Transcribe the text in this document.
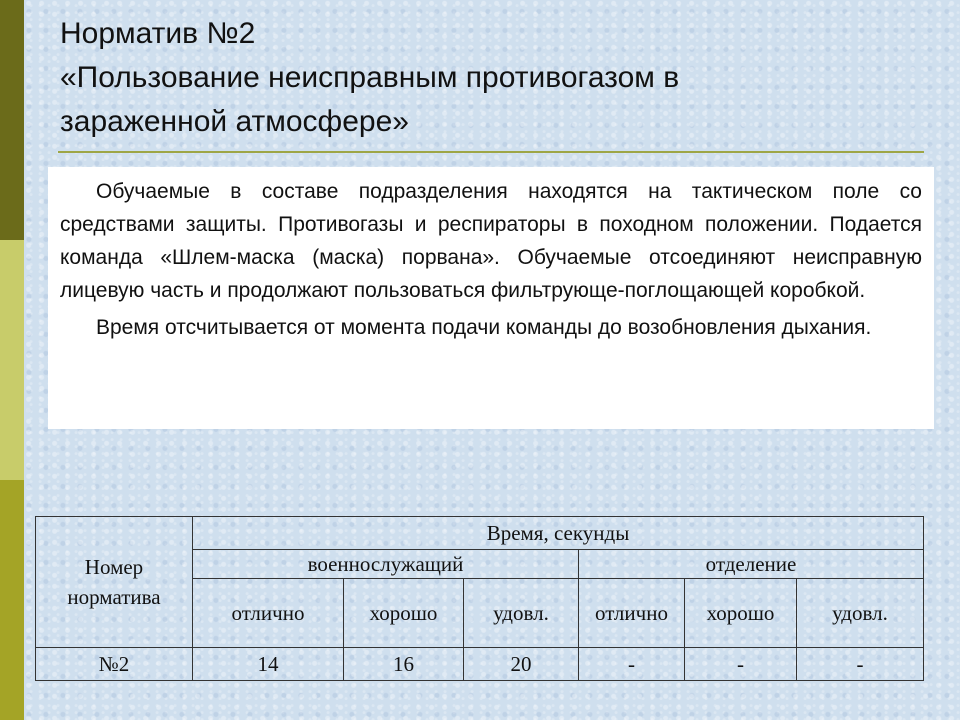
Норматив №2
«Пользование неисправным противогазом в
зараженной атмосфере»

Обучаемые в составе подразделения находятся на тактическом поле со средствами защиты. Противогазы и респираторы в походном положении. Подается команда «Шлем-маска (маска) порвана». Обучаемые отсоединяют неисправную лицевую часть и продолжают пользоваться фильтрующе-поглощающей коробкой.

Время отсчитывается от момента подачи команды до возобновления дыхания.

Номер
норматива	Время, секунды					
	военнослужащий			отделение		
	отлично	хорошо	удовл.	отлично	хорошо	удовл.
№2	14	16	20	-	-	-
